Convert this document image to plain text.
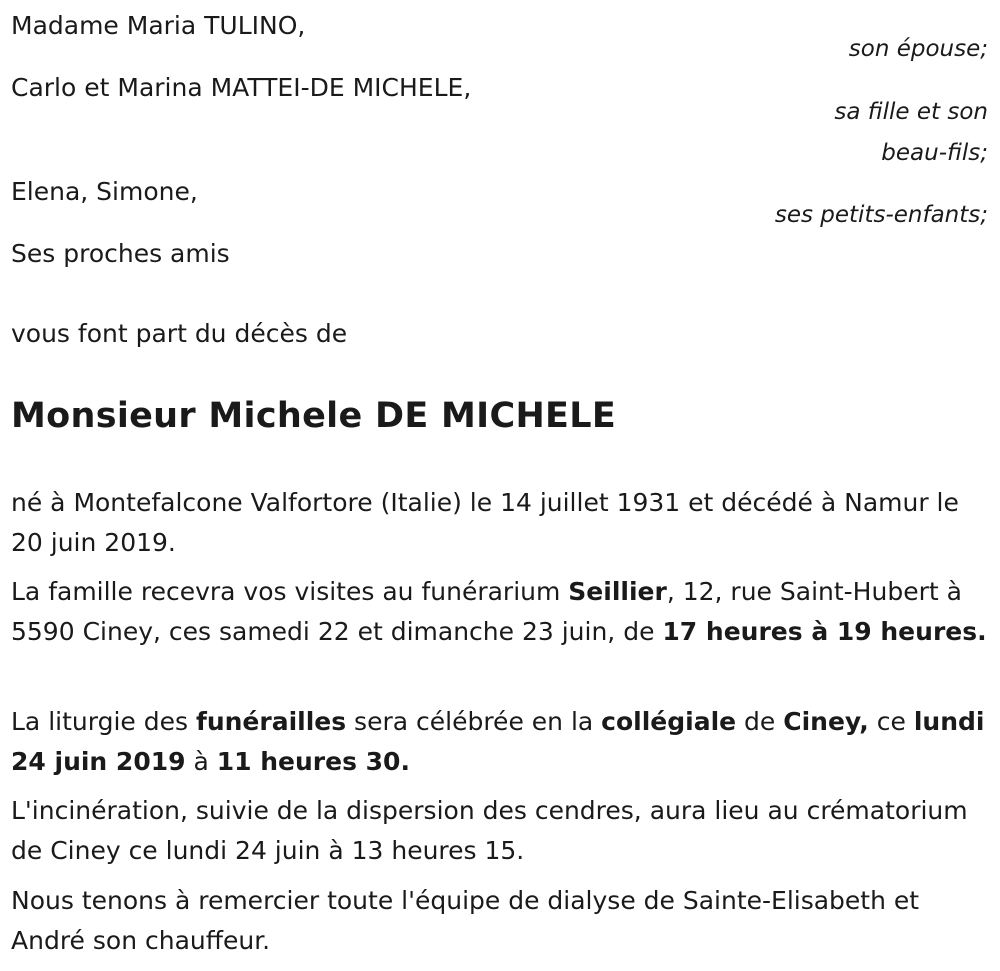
Madame Maria TULINO,
son épouse;
Carlo et Marina MATTEI-DE MICHELE,
sa fille et son
beau-fils;
Elena, Simone,
ses petits-enfants;
Ses proches amis
vous font part du décès de
Monsieur Michele DE MICHELE
né à Montefalcone Valfortore (Italie) le 14 juillet 1931 et décédé à Namur le 20 juin 2019.
La famille recevra vos visites au funérarium Seillier, 12, rue Saint-Hubert à 5590 Ciney, ces samedi 22 et dimanche 23 juin, de 17 heures à 19 heures.
La liturgie des funérailles sera célébrée en la collégiale de Ciney, ce lundi 24 juin 2019 à 11 heures 30.
L'incinération, suivie de la dispersion des cendres, aura lieu au crématorium de Ciney ce lundi 24 juin à 13 heures 15.
Nous tenons à remercier toute l'équipe de dialyse de Sainte-Elisabeth et André son chauffeur.
